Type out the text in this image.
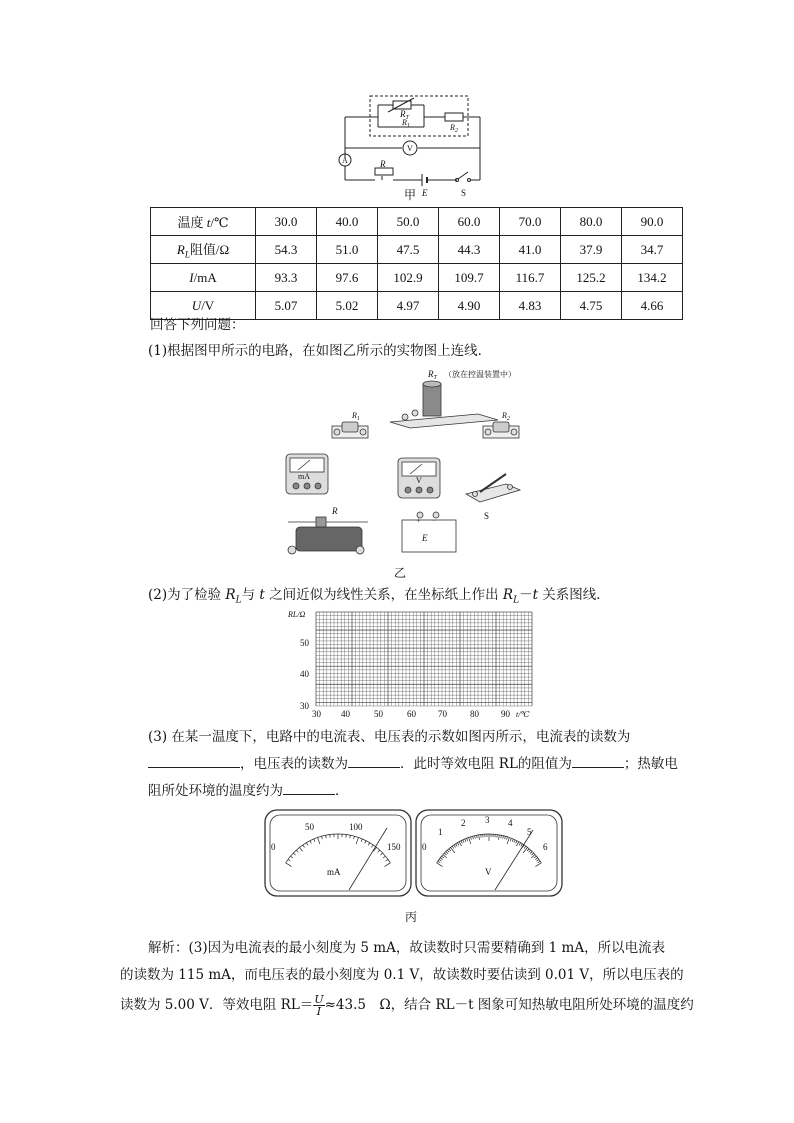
$R_T$
$R_1$	$R_2$
R
E	S
A
V
甲
温度 t/℃	30.0	40.0	50.0	60.0	70.0	80.0	90.0
$R_L$阻值/Ω	54.3	51.0	47.5	44.3	41.0	37.9	34.7
I/mA	93.3	97.6	102.9	109.7	116.7	125.2	134.2
U/V	5.07	5.02	4.97	4.90	4.83	4.75	4.66
回答下列问题：
(1)根据图甲所示的电路，在如图乙所示的实物图上连线．
$R_T$ （放在控温装置中）
$R_1$	$R_2$
mA	V
S
R
E
+ −
乙
(2)为了检验 $R_L$与 t 之间近似为线性关系，在坐标纸上作出 $R_L-t$ 关系图线．
RL/Ω
50
40
30
30 40	50	60 70	80 90 t/℃
(3) 在某一温度下，电路中的电流表、电压表的示数如图丙所示，电流表的读数为
，电压表的读数为	．此时等效电阻 RL的阻值为	；热敏电
阻所处环境的温度约为	．
0
50	100
150
mA
0
1
2 3 4
5
6
V
丙
解析：(3)因为电流表的最小刻度为 5 mA，故读数时只需要精确到 1 mA，所以电流表
的读数为 115 mA，而电压表的最小刻度为 0.1 V，故读数时要估读到 0.01 V，所以电压表的
读数为 5.00 V．等效电阻 $RL= \frac{U}{I} \approx 43.5$　Ω，结合 RL－t 图象可知热敏电阻所处环境的温度约
